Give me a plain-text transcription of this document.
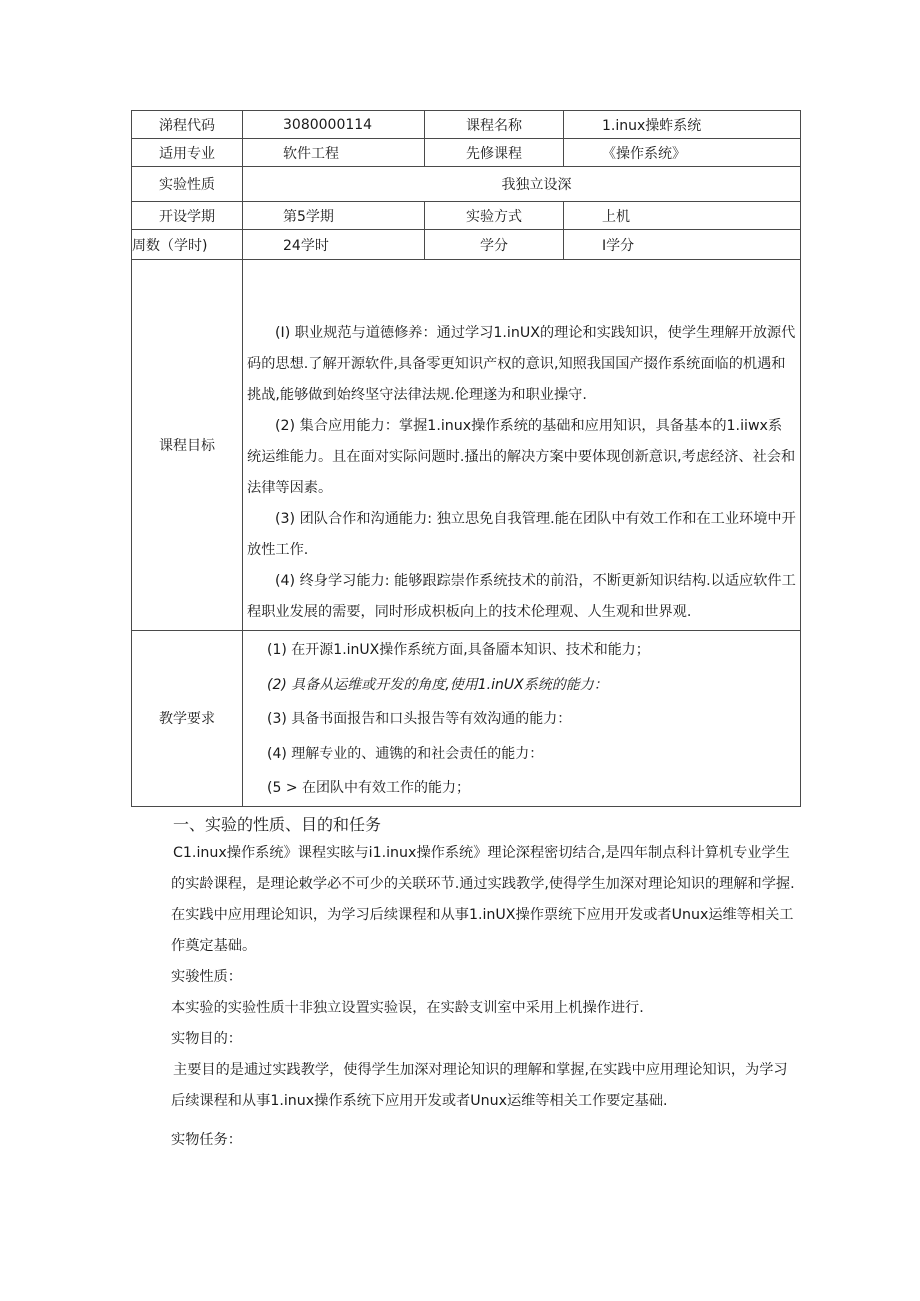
涕程代码	3080000114	课程名称	1.inux操蚱系统
适用专业	软件工程	先修课程	《操作系统》
实验性质	我独立设深		
开设学期	第5学期	实验方式	上机
周数（学时)	24学时	学分	I学分
课程目标	(I) 职业规范与道德修养：通过学习1.inUX的理论和实践知识，使学生理解开放源代码的思想.了解开源软件,具备零更知识产权的意识,知照我国国产掇作系统面临的机遇和挑战,能够做到始终坚守法律法规.伦理遂为和职业操守.

(2) 集合应用能力：掌握1.inux操作系统的基础和应用知识，具备基本的1.iiwx系统运维能力。且在面对实际问题时.搔出的解决方案中要体现创新意识,考虑经济、社会和法律等因素。

(3) 团队合作和沟通能力: 独立思免自我管理.能在团队中有效工作和在工业环境中开放性工作.

(4) 终身学习能力: 能够跟踪崇作系统技术的前沿，不断更新知识结构.以适应软件工程职业发展的需要，同时形成枳板向上的技术伦理观、人生观和世界观.		

教学要求	(1) 在开源1.inUX操作系统方面,具备靥本知识、技术和能力；
(2) 具备从运维或开发的角度,使用1.inUX系统的能力：
(3) 具备书面报告和口头报告等有效沟通的能力：
(4) 理解专业的、逋镌的和社会责任的能力：
(5 > 在团队中有效工作的能力；		
一、实验的性质、目的和任务

C1.inux操作系统》课程实眩与i1.inux操作系统》理论深程密切结合,是四年制点科计算机专业学生的实龄课程，是理论敕学必不可少的关联环节.通过实践教学,使得学生加深对理论知识的理解和学握.在实践中应用理论知识，为学习后续课程和从事1.inUX操作票统下应用开发或者Unux运维等相关工作奠定基础。

实骏性质：

本实验的实验性质十非独立设置实验误，在实龄支训室中采用上机操作进行.

实物目的：

主要目的是逋过实践教学，使得学生加深对理论知识的理解和掌握,在实践中应用理论知识，为学习后续课程和从事1.inux操作系统下应用开发或者Unux运维等相关工作要定基础.

实物任务：
